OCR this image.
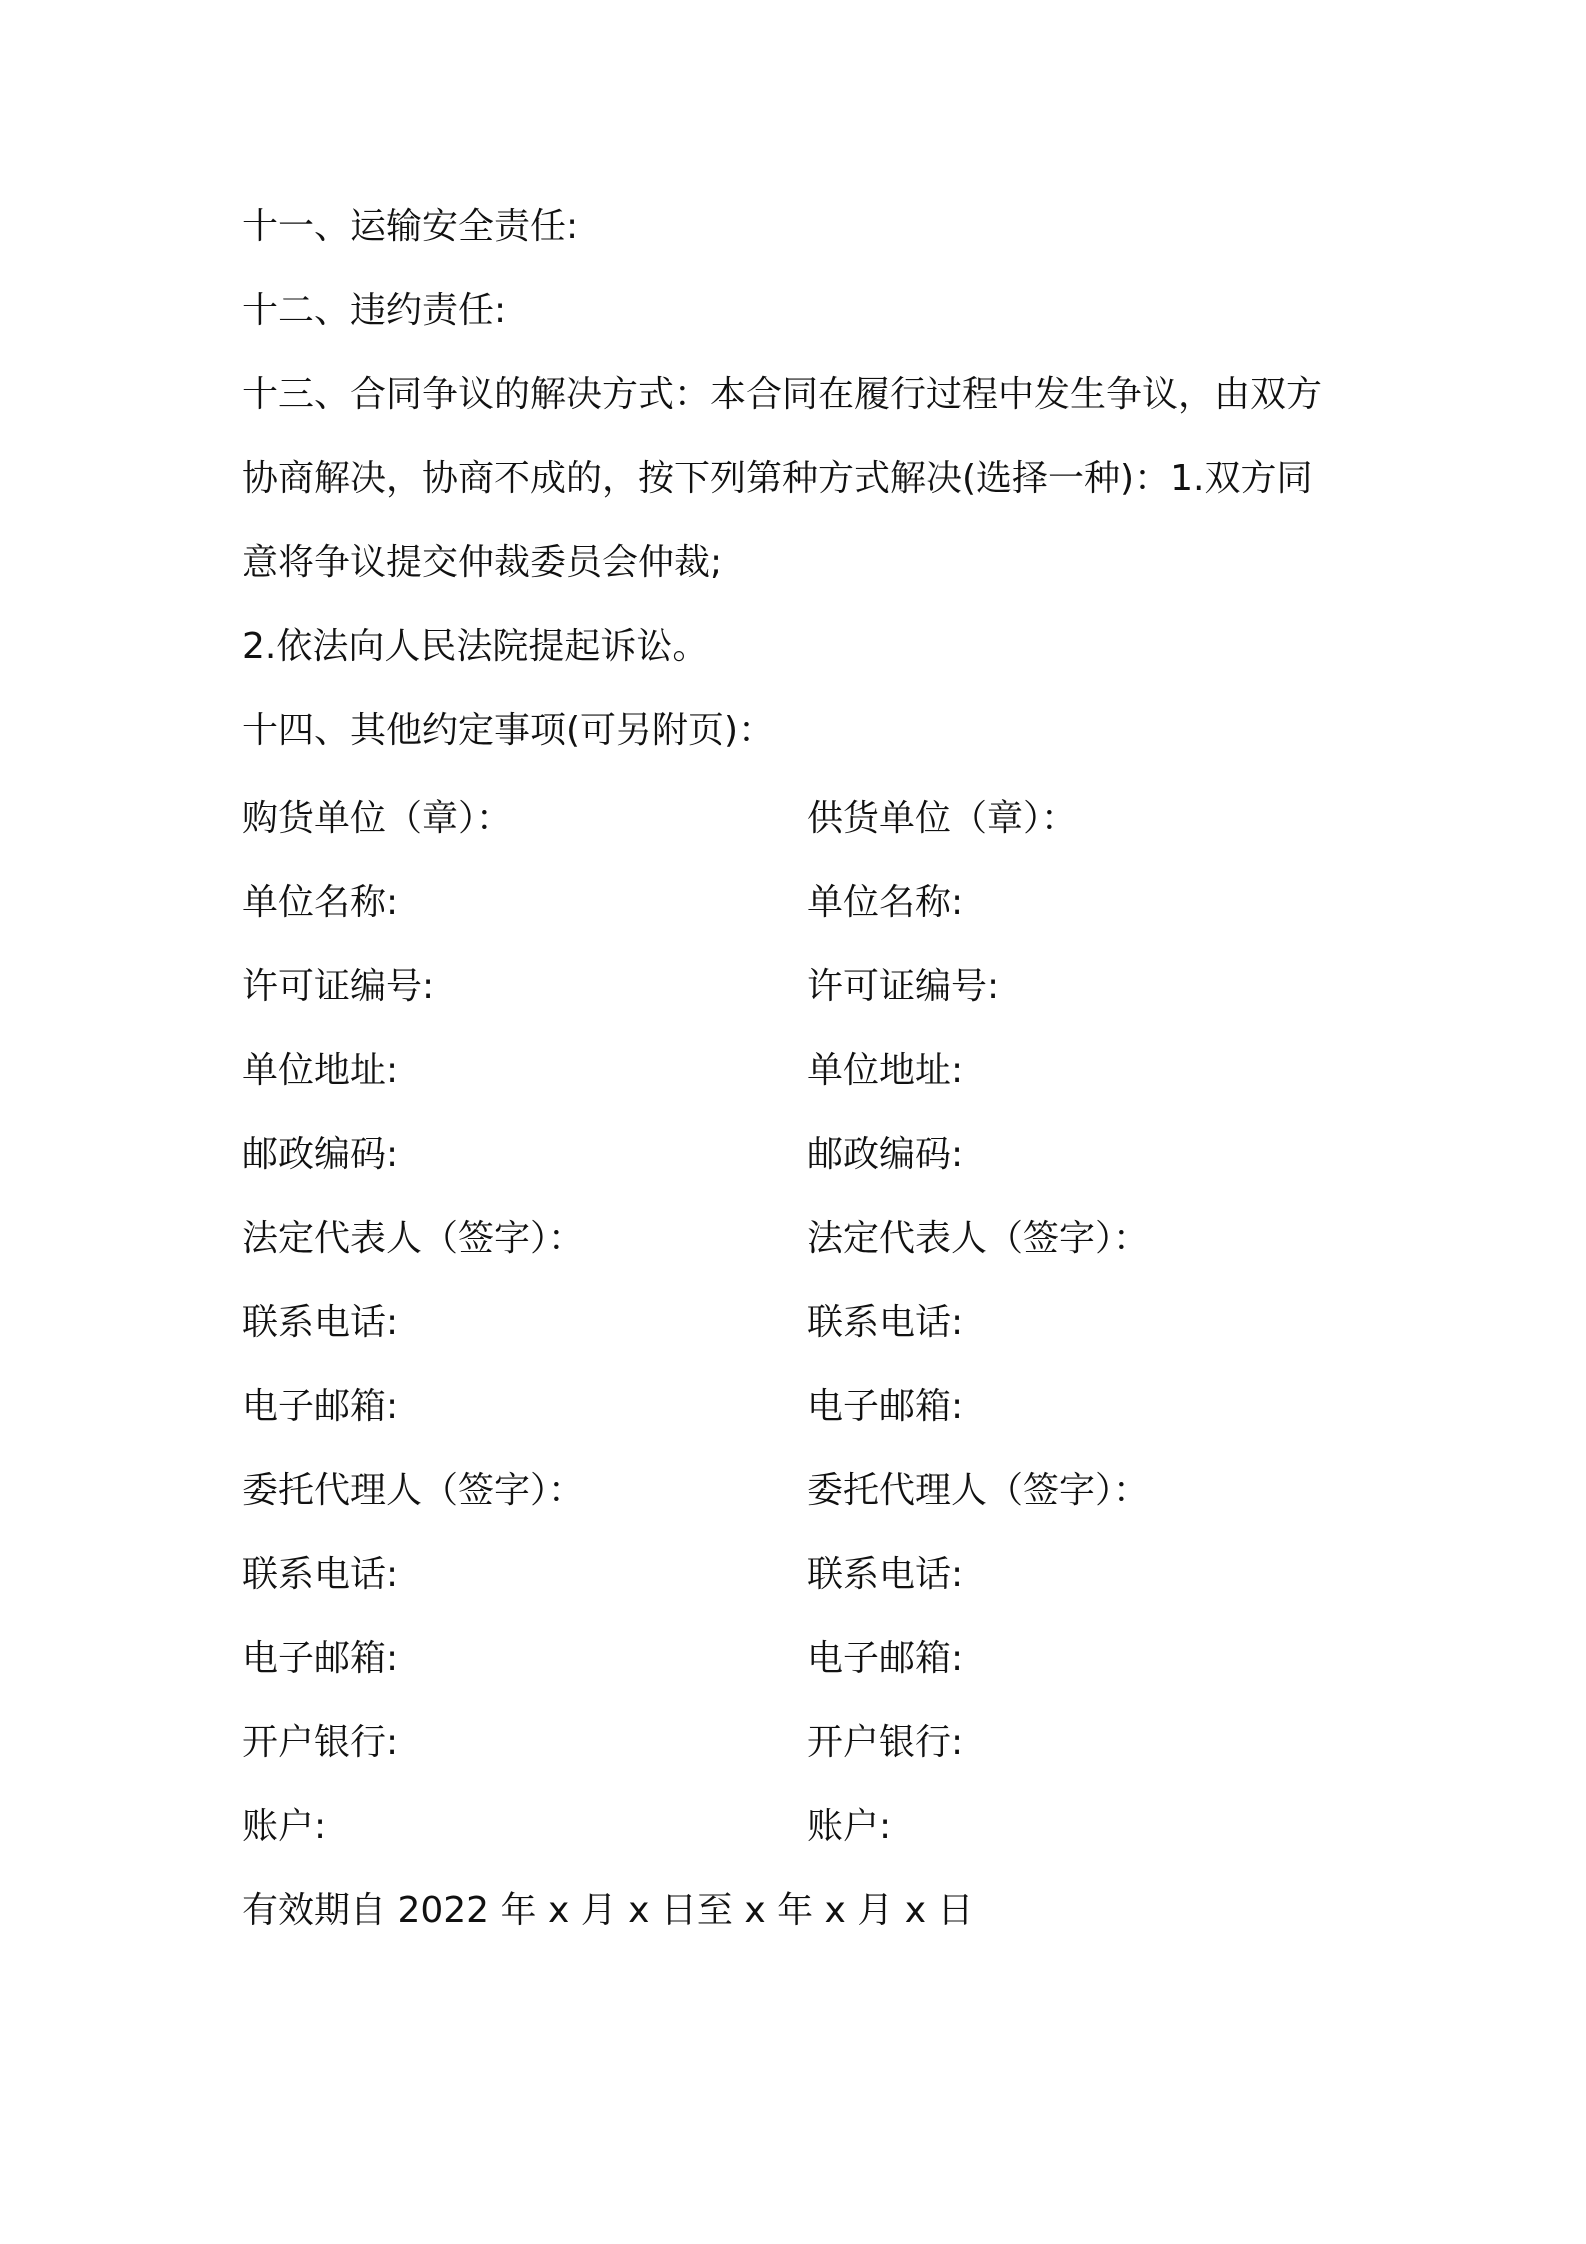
十一、运输安全责任:
十二、违约责任:
十三、合同争议的解决方式：本合同在履行过程中发生争议，由双方
协商解决，协商不成的，按下列第种方式解决(选择一种)：1.双方同
意将争议提交仲裁委员会仲裁;
2.依法向人民法院提起诉讼。
十四、其他约定事项(可另附页)：
购货单位（章）：
单位名称:
许可证编号:
单位地址:
邮政编码:
法定代表人（签字）：
联系电话:
电子邮箱:
委托代理人（签字）：
联系电话:
电子邮箱:
开户银行:
账户:
供货单位（章）：
单位名称:
许可证编号:
单位地址:
邮政编码:
法定代表人（签字）：
联系电话:
电子邮箱:
委托代理人（签字）：
联系电话:
电子邮箱:
开户银行:
账户:
有效期自 2022 年 x 月 x 日至 x 年 x 月 x 日
